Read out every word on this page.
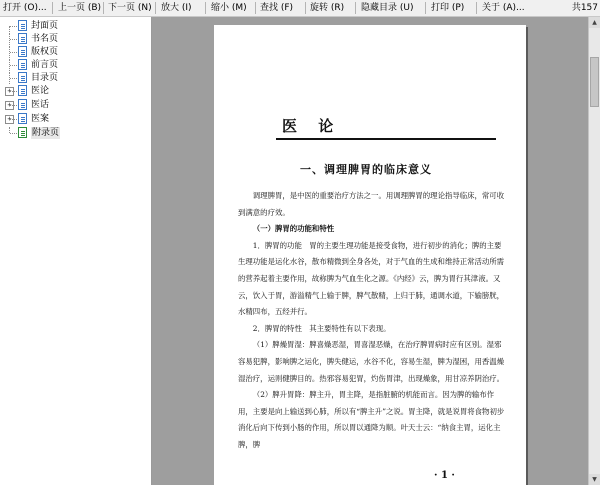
打开 (O)... 上一页 (B) 下一页 (N) 放大 (I) 缩小 (M) 查找 (F) 旋转 (R) 隐藏目录 (U) 打印 (P) 关于 (A)...	共157
封面页
书名页
版权页
前言页
目录页
+ 医论
+ 医话
+ 医案
附录页	医 论
一、调理脾胃的临床意义

调理脾胃，是中医的重要治疗方法之一。用调理脾胃的理论指导临床，常可收到满意的疗效。

（一）脾胃的功能和特性

1．脾胃的功能　胃的主要生理功能是接受食物，进行初步的消化；脾的主要生理功能是运化水谷，散布精微到全身各处，对于气血的生成和维持正常活动所需的营养起着主要作用，故称脾为气血生化之源。《内经》云，脾为胃行其津液。又云，饮入于胃，游溢精气上输于脾，脾气散精，上归于肺，通调水道，下输膀胱，水精四布，五经并行。

2．脾胃的特性　其主要特性有以下表现。

（1）脾燥胃湿：脾喜燥恶湿，胃喜湿恶燥，在治疗脾胃病时应有区别。湿邪容易犯脾，影响脾之运化，脾失健运，水谷不化，容易生湿，脾为湿困，用香温燥湿治疗，运则健脾目的。热邪容易犯胃，灼伤胃津，出现燥象，用甘凉养阴治疗。

（2）脾升胃降：脾主升，胃主降，是指脏腑的机能而言。因为脾的输布作用，主要是向上输送到心肺，所以有“脾主升”之说。胃主降，就是说胃将食物初步消化后向下传到小肠的作用，所以胃以通降为顺。叶天士云：“纳食主胃，运化主脾，脾

· 1 ·
▲
▼
